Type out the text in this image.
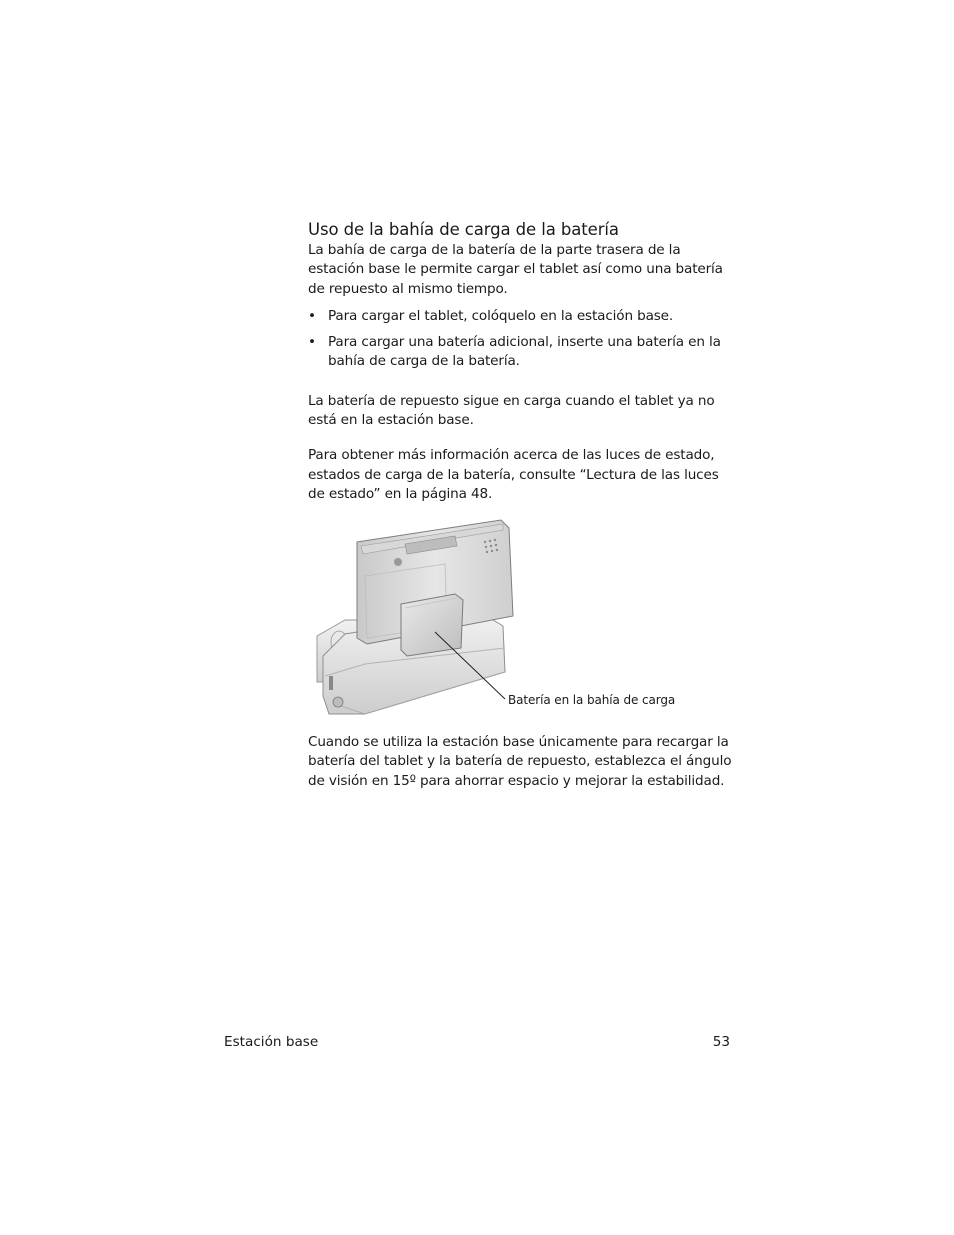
Uso de la bahía de carga de la batería

La bahía de carga de la batería de la parte trasera de la estación base le permite cargar el tablet así como una batería de repuesto al mismo tiempo.

• Para cargar el tablet, colóquelo en la estación base.
• Para cargar una batería adicional, inserte una batería en la bahía de carga de la batería.

La batería de repuesto sigue en carga cuando el tablet ya no está en la estación base.

Para obtener más información acerca de las luces de estado, estados de carga de la batería, consulte “Lectura de las luces de estado” en la página 48.

Batería en la bahía de carga

Cuando se utiliza la estación base únicamente para recargar la batería del tablet y la batería de repuesto, establezca el ángulo de visión en 15º para ahorrar espacio y mejorar la estabilidad.

Estación base	53
